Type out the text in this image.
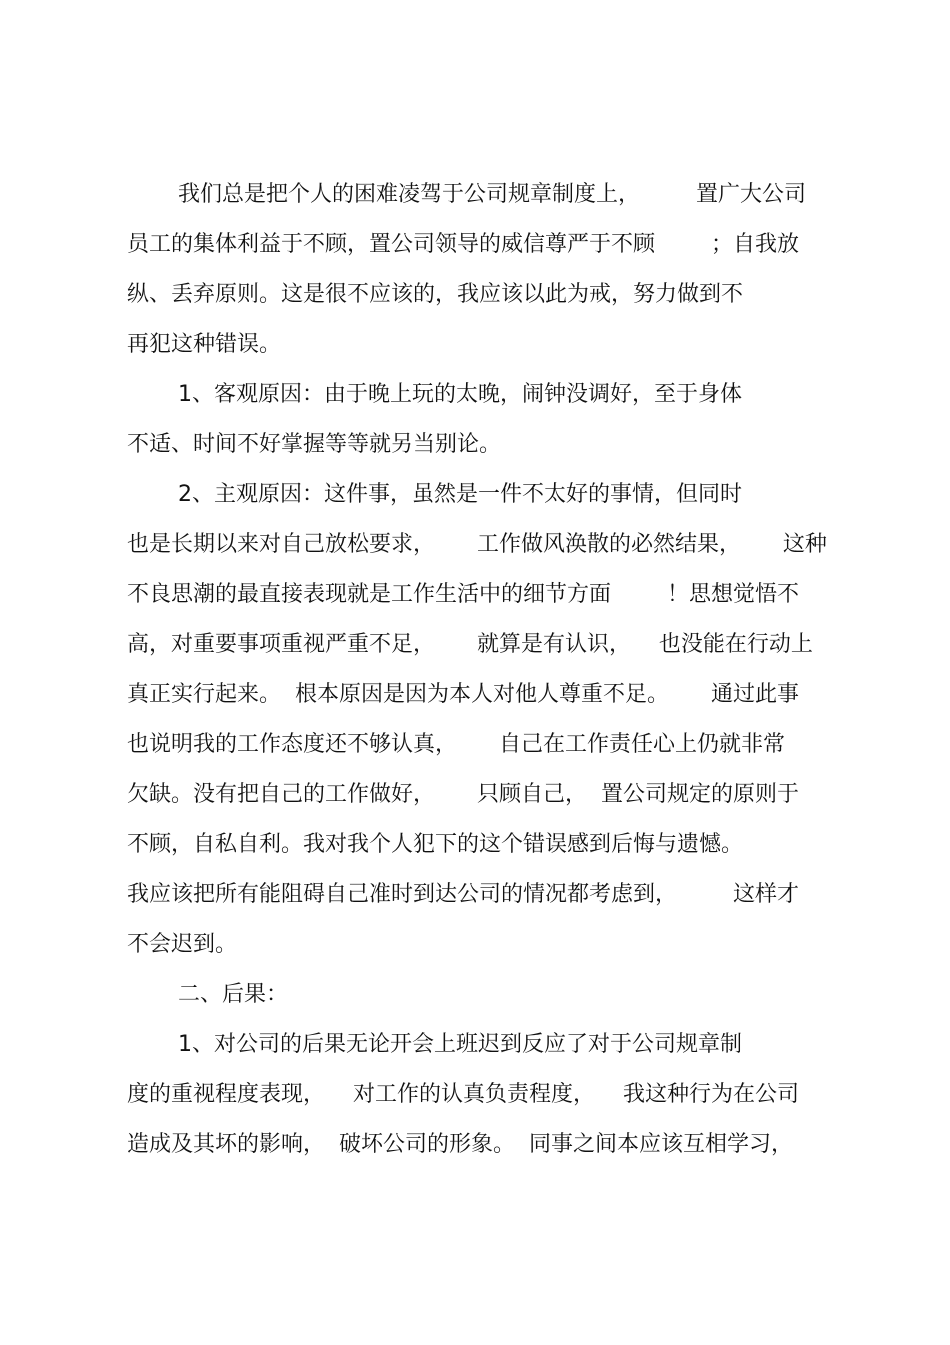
我们总是把个人的困难凌驾于公司规章制度上，        置广大公司
员工的集体利益于不顾，置公司领导的威信尊严于不顾        ；自我放
纵、丢弃原则。这是很不应该的，我应该以此为戒，努力做到不
再犯这种错误。
1、客观原因：由于晚上玩的太晚，闹钟没调好，至于身体
不适、时间不好掌握等等就另当别论。
2、主观原因：这件事，虽然是一件不太好的事情，但同时
也是长期以来对自己放松要求，      工作做风涣散的必然结果，      这种
不良思潮的最直接表现就是工作生活中的细节方面        ！思想觉悟不
高，对重要事项重视严重不足，      就算是有认识，    也没能在行动上
真正实行起来。  根本原因是因为本人对他人尊重不足。      通过此事
也说明我的工作态度还不够认真，      自己在工作责任心上仍就非常
欠缺。没有把自己的工作做好，      只顾自己，  置公司规定的原则于
不顾，自私自利。我对我个人犯下的这个错误感到后悔与遗憾。
我应该把所有能阻碍自己准时到达公司的情况都考虑到，        这样才
不会迟到。
二、后果：
1、对公司的后果无论开会上班迟到反应了对于公司规章制
度的重视程度表现，    对工作的认真负责程度，    我这种行为在公司
造成及其坏的影响，  破坏公司的形象。  同事之间本应该互相学习，
